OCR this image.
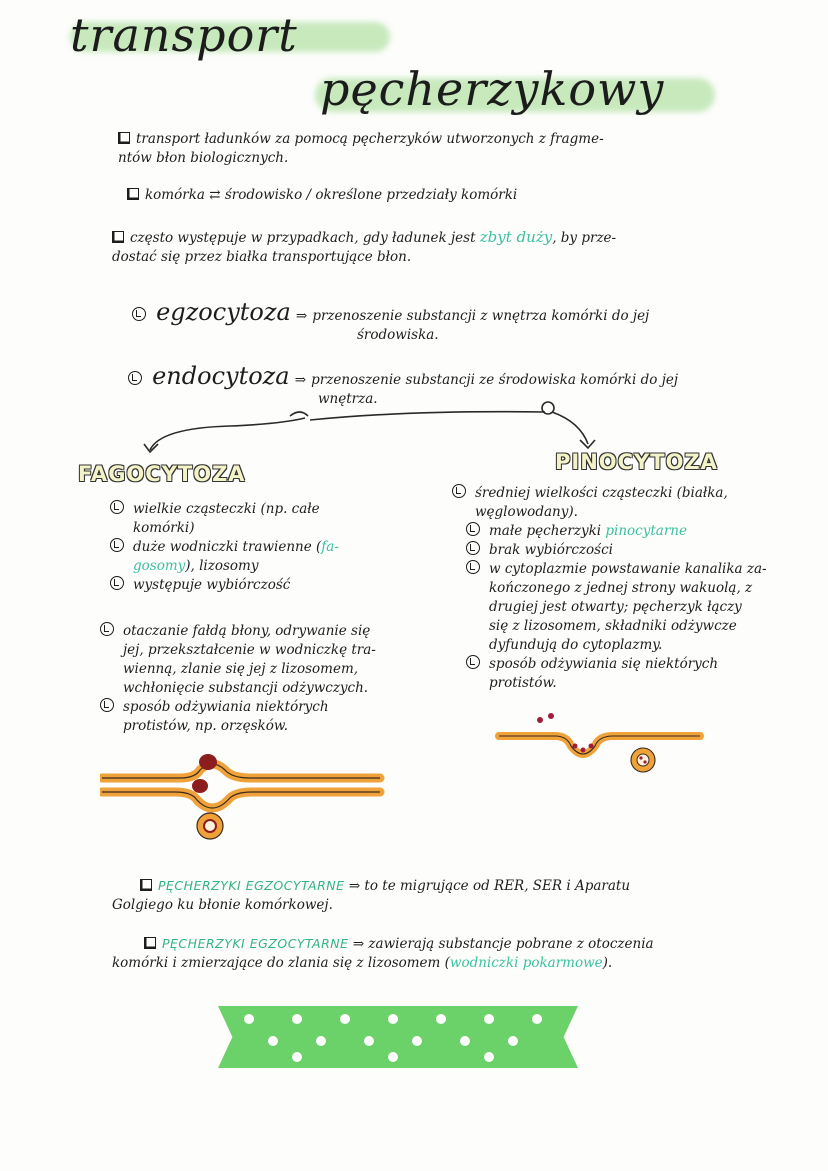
transport
pęcherzykowy
transport ładunków za pomocą pęcherzyków utworzonych z fragme-
ntów błon biologicznych.
komórka ⇄ środowisko / określone przedziały komórki
często występuje w przypadkach, gdy ładunek jest zbyt duży, by prze-
dostać się przez białka transportujące błon.
egzocytoza ⇒ przenoszenie substancji z wnętrza komórki do jej
środowiska.
endocytoza ⇒ przenoszenie substancji ze środowiska komórki do jej
wnętrza.
FAGOCYTOZA
wielkie cząsteczki (np. całe
komórki)
duże wodniczki trawienne (fa-
gosomy), lizosomy
występuje wybiórczość
otaczanie fałdą błony, odrywanie się
jej, przekształcenie w wodniczkę tra-
wienną, zlanie się jej z lizosomem,
wchłonięcie substancji odżywczych.
sposób odżywiania niektórych
protistów, np. orzęsków.
PINOCYTOZA
średniej wielkości cząsteczki (białka,
węglowodany).
małe pęcherzyki pinocytarne
brak wybiórczości
w cytoplazmie powstawanie kanalika za-
kończonego z jednej strony wakuolą, z
drugiej jest otwarty; pęcherzyk łączy
się z lizosomem, składniki odżywcze
dyfundują do cytoplazmy.
sposób odżywiania się niektórych
protistów.
PĘCHERZYKI EGZOCYTARNE ⇒ to te migrujące od RER, SER i Aparatu
Golgiego ku błonie komórkowej.
PĘCHERZYKI EGZOCYTARNE ⇒ zawierają substancje pobrane z otoczenia
komórki i zmierzające do zlania się z lizosomem (wodniczki pokarmowe).
